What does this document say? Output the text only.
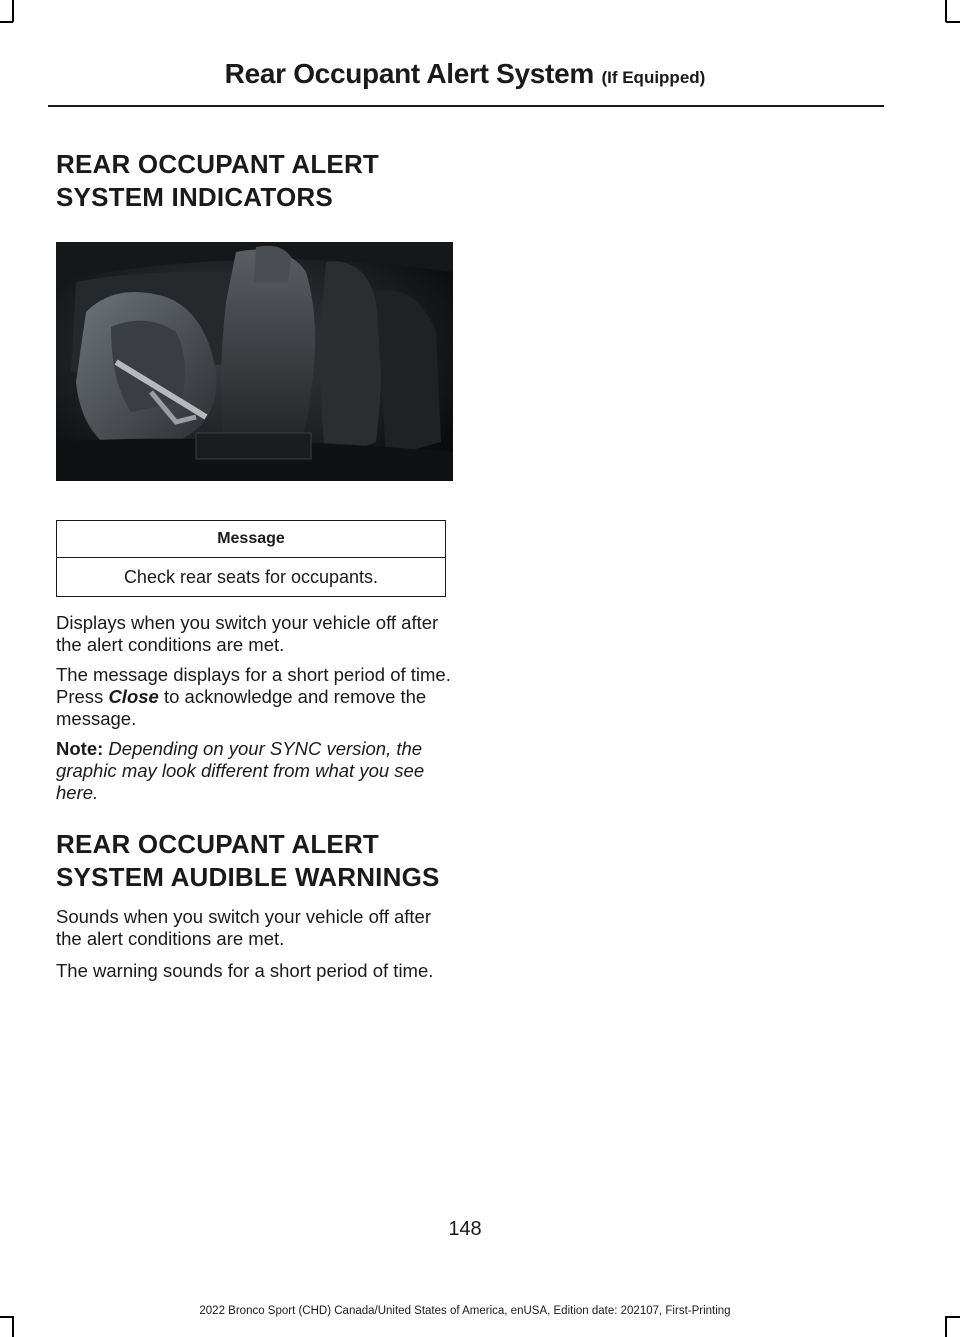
Rear Occupant Alert System (If Equipped)
REAR OCCUPANT ALERT
SYSTEM INDICATORS
Message
Check rear seats for occupants.

Displays when you switch your vehicle off after the alert conditions are met.

The message displays for a short period of time. Press Close to acknowledge and remove the message.

Note: Depending on your SYNC version, the graphic may look different from what you see here.

REAR OCCUPANT ALERT
SYSTEM AUDIBLE WARNINGS

Sounds when you switch your vehicle off after the alert conditions are met.

The warning sounds for a short period of time.

148
2022 Bronco Sport (CHD) Canada/United States of America, enUSA, Edition date: 202107, First-Printing
